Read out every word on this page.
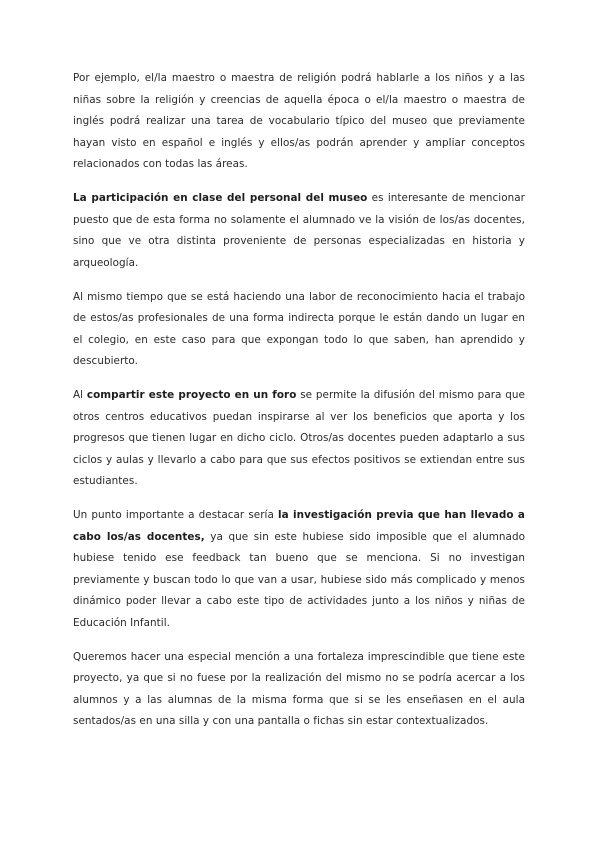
Por ejemplo, el/la maestro o maestra de religión podrá hablarle a los niños y a las niñas sobre la religión y creencias de aquella época o el/la maestro o maestra de inglés podrá realizar una tarea de vocabulario típico del museo que previamente hayan visto en español e inglés y ellos/as podrán aprender y ampliar conceptos relacionados con todas las áreas.

La participación en clase del personal del museo es interesante de mencionar puesto que de esta forma no solamente el alumnado ve la visión de los/as docentes, sino que ve otra distinta proveniente de personas especializadas en historia y arqueología.

Al mismo tiempo que se está haciendo una labor de reconocimiento hacia el trabajo de estos/as profesionales de una forma indirecta porque le están dando un lugar en el colegio, en este caso para que expongan todo lo que saben, han aprendido y descubierto.

Al compartir este proyecto en un foro se permite la difusión del mismo para que otros centros educativos puedan inspirarse al ver los beneficios que aporta y los progresos que tienen lugar en dicho ciclo. Otros/as docentes pueden adaptarlo a sus ciclos y aulas y llevarlo a cabo para que sus efectos positivos se extiendan entre sus estudiantes.

Un punto importante a destacar sería la investigación previa que han llevado a cabo los/as docentes, ya que sin este hubiese sido imposible que el alumnado hubiese tenido ese feedback tan bueno que se menciona. Si no investigan previamente y buscan todo lo que van a usar, hubiese sido más complicado y menos dinámico poder llevar a cabo este tipo de actividades junto a los niños y niñas de Educación Infantil.

Queremos hacer una especial mención a una fortaleza imprescindible que tiene este proyecto, ya que si no fuese por la realización del mismo no se podría acercar a los alumnos y a las alumnas de la misma forma que si se les enseñasen en el aula sentados/as en una silla y con una pantalla o fichas sin estar contextualizados.
